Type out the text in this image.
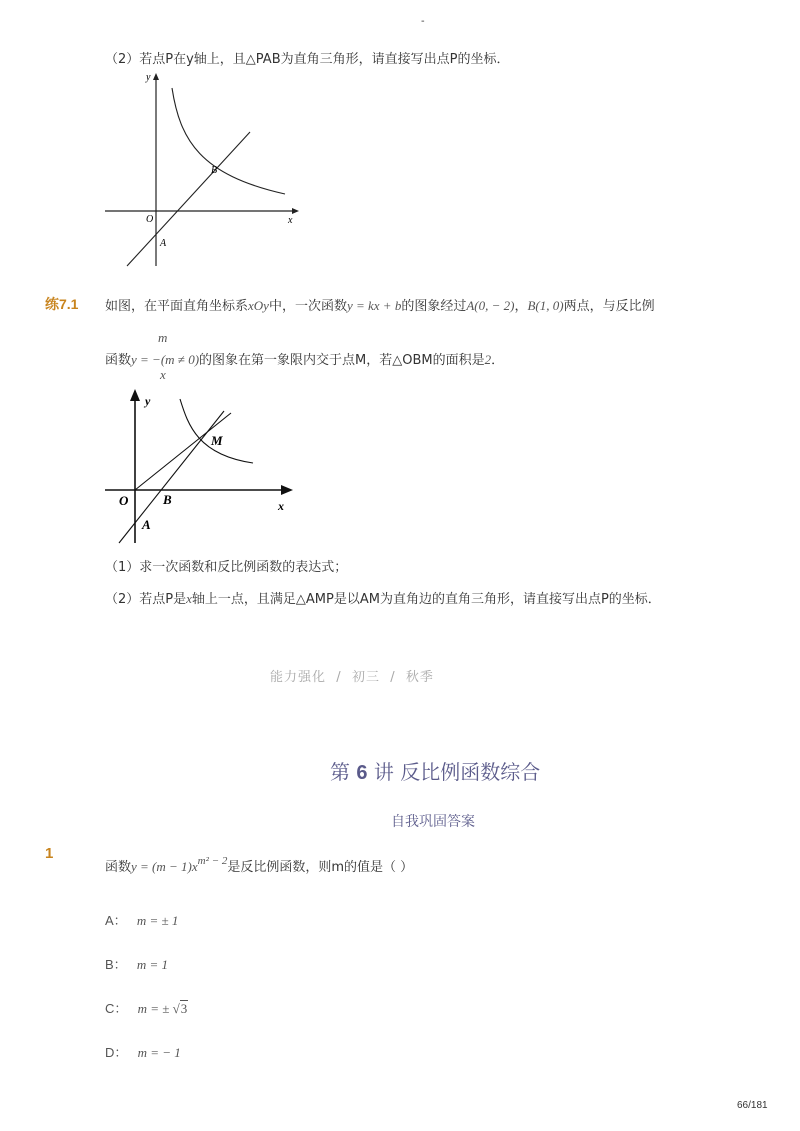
-
（2）若点P在y轴上，且△PAB为直角三角形，请直接写出点P的坐标．
y
x
O
B
A
练7.1 如图，在平面直角坐标系xOy中，一次函数y = kx + b的图象经过A(0, − 2)，B(1, 0)两点，与反比例
m
函数y = −(m ≠ 0)的图象在第一象限内交于点M，若△OBM的面积是2．
x
y
x
O	B
A
M
（1）求一次函数和反比例函数的表达式；
（2）若点P是x轴上一点，且满足△AMP是以AM为直角边的直角三角形，请直接写出点P的坐标．
能力强化 / 初三 / 秋季
第 6 讲 反比例函数综合
自我巩固答案
1
函数$y = (m - 1)x^{m^2 - 2}$是反比例函数，则m的值是（ ）
A： m = ± 1
B： m = 1
C： m = ± √3
D： m = − 1
66/181
